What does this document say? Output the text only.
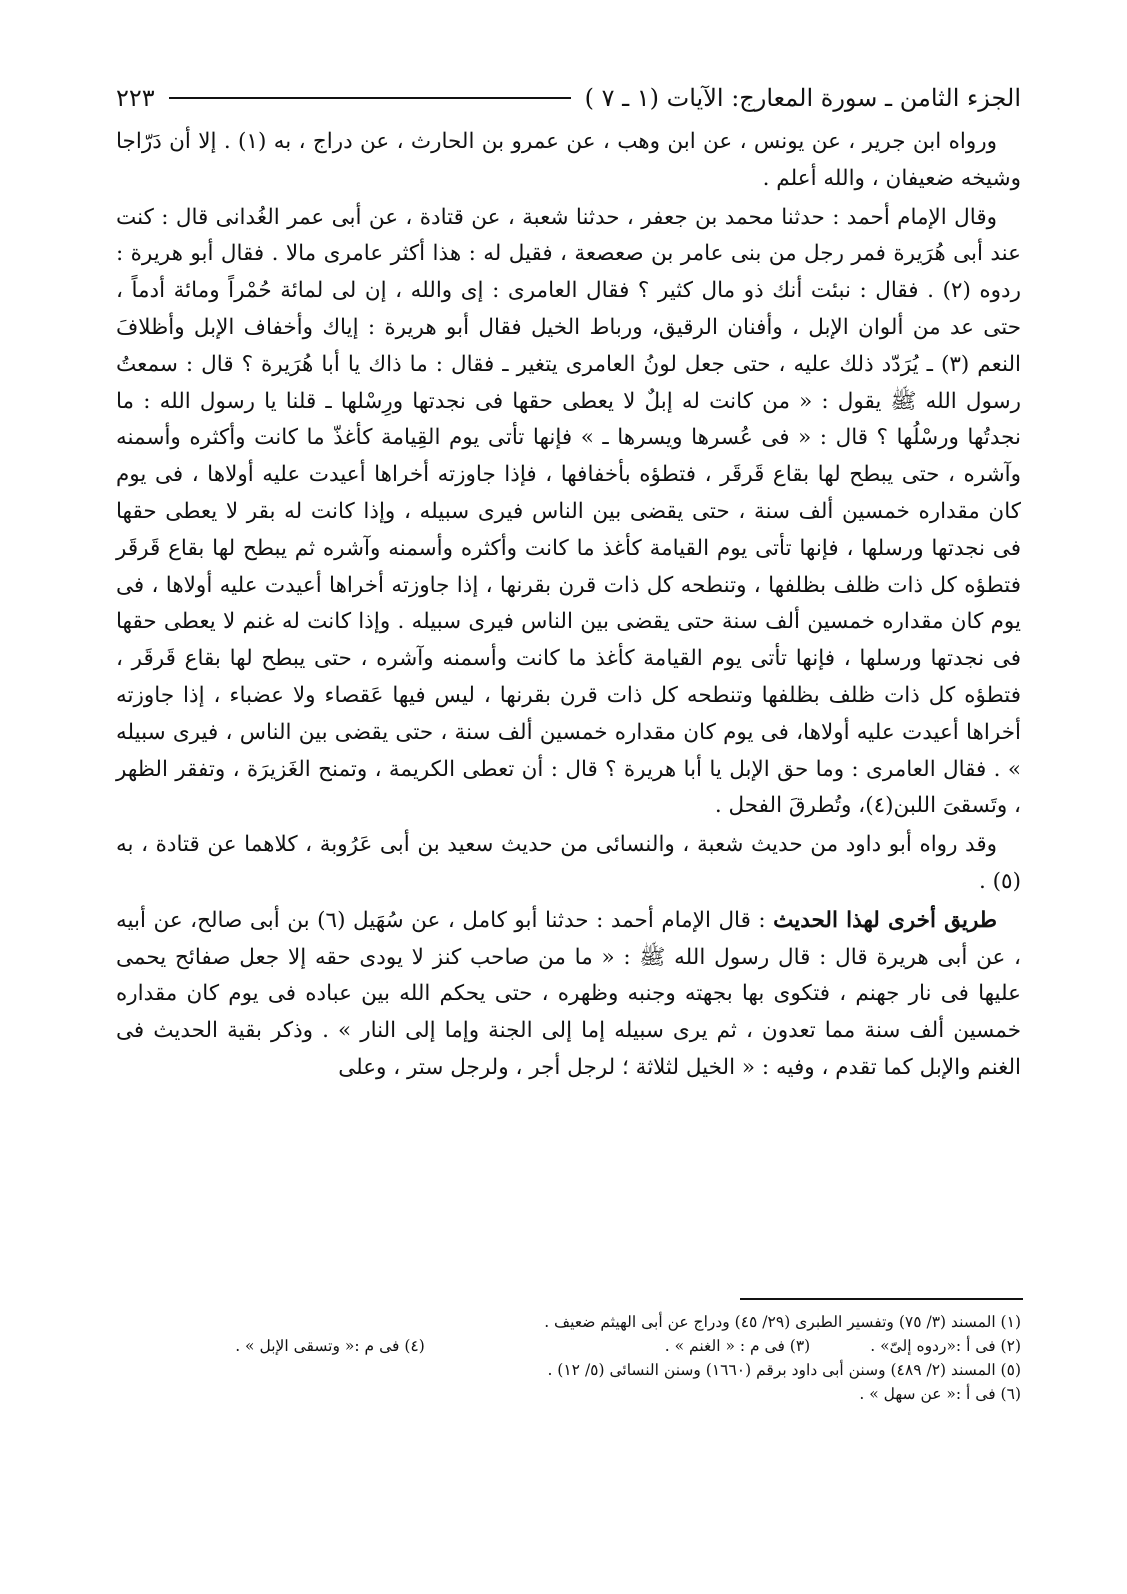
الجزء الثامن ـ سورة المعارج: الآيات (١ ـ ٧ )
٢٢٣

ورواه ابن جرير ، عن يونس ، عن ابن وهب ، عن عمرو بن الحارث ، عن دراج ، به (١) . إلا أن دَرّاجا وشيخه ضعيفان ، والله أعلم .

وقال الإمام أحمد : حدثنا محمد بن جعفر ، حدثنا شعبة ، عن قتادة ، عن أبى عمر الغُدانى قال : كنت عند أبى هُرَيرة فمر رجل من بنى عامر بن صعصعة ، فقيل له : هذا أكثر عامرى مالا . فقال أبو هريرة : ردوه (٢) . فقال : نبئت أنك ذو مال كثير ؟ فقال العامرى : إى والله ، إن لى لمائة حُمْراً ومائة أدماً ، حتى عد من ألوان الإبل ، وأفنان الرقيق، ورباط الخيل فقال أبو هريرة : إياك وأخفاف الإبل وأظلافَ النعم (٣) ـ يُرَدّد ذلك عليه ، حتى جعل لونُ العامرى يتغير ـ فقال : ما ذاك يا أبا هُرَيرة ؟ قال : سمعتُ رسول الله ﷺ يقول : « من كانت له إبلٌ لا يعطى حقها فى نجدتها ورِسْلها ـ قلنا يا رسول الله : ما نجدتُها ورسْلُها ؟ قال : « فى عُسرها ويسرها ـ » فإنها تأتى يوم القِيامة كأغذّ ما كانت وأكثره وأسمنه وآشره ، حتى يبطح لها بقاع قَرقَر ، فتطؤه بأخفافها ، فإذا جاوزته أخراها أعيدت عليه أولاها ، فى يوم كان مقداره خمسين ألف سنة ، حتى يقضى بين الناس فيرى سبيله ، وإذا كانت له بقر لا يعطى حقها فى نجدتها ورسلها ، فإنها تأتى يوم القيامة كأغذ ما كانت وأكثره وأسمنه وآشره ثم يبطح لها بقاع قَرقَر فتطؤه كل ذات ظلف بظلفها ، وتنطحه كل ذات قرن بقرنها ، إذا جاوزته أخراها أعيدت عليه أولاها ، فى يوم كان مقداره خمسين ألف سنة حتى يقضى بين الناس فيرى سبيله . وإذا كانت له غنم لا يعطى حقها فى نجدتها ورسلها ، فإنها تأتى يوم القيامة كأغذ ما كانت وأسمنه وآشره ، حتى يبطح لها بقاع قَرقَر ، فتطؤه كل ذات ظلف بظلفها وتنطحه كل ذات قرن بقرنها ، ليس فيها عَقصاء ولا عضباء ، إذا جاوزته أخراها أعيدت عليه أولاها، فى يوم كان مقداره خمسين ألف سنة ، حتى يقضى بين الناس ، فيرى سبيله » . فقال العامرى : وما حق الإبل يا أبا هريرة ؟ قال : أن تعطى الكريمة ، وتمنح الغَزيرَة ، وتفقر الظهر ، وتَسقىَ اللبن(٤)، وتُطرقَ الفحل .

وقد رواه أبو داود من حديث شعبة ، والنسائى من حديث سعيد بن أبى عَرُوبة ، كلاهما عن قتادة ، به (٥) .

طريق أخرى لهذا الحديث : قال الإمام أحمد : حدثنا أبو كامل ، عن سُهَيل (٦) بن أبى صالح، عن أبيه ، عن أبى هريرة قال : قال رسول الله ﷺ : « ما من صاحب كنز لا يودى حقه إلا جعل صفائح يحمى عليها فى نار جهنم ، فتكوى بها بجهته وجنبه وظهره ، حتى يحكم الله بين عباده فى يوم كان مقداره خمسين ألف سنة مما تعدون ، ثم يرى سبيله إما إلى الجنة وإما إلى النار » . وذكر بقية الحديث فى الغنم والإبل كما تقدم ، وفيه : « الخيل لثلاثة ؛ لرجل أجر ، ولرجل ستر ، وعلى

(١) المسند (٣/ ٧٥) وتفسير الطبرى (٢٩/ ٤٥) ودراج عن أبى الهيثم ضعيف .
(٢) فى أ :«ردوه إلىّ» .
(٣) فى م : « الغنم » .
(٤) فى م :« وتسقى الإبل » .
(٥) المسند (٢/ ٤٨٩) وسنن أبى داود برقم (١٦٦٠) وسنن النسائى (٥/ ١٢) .
(٦) فى أ :« عن سهل » .
